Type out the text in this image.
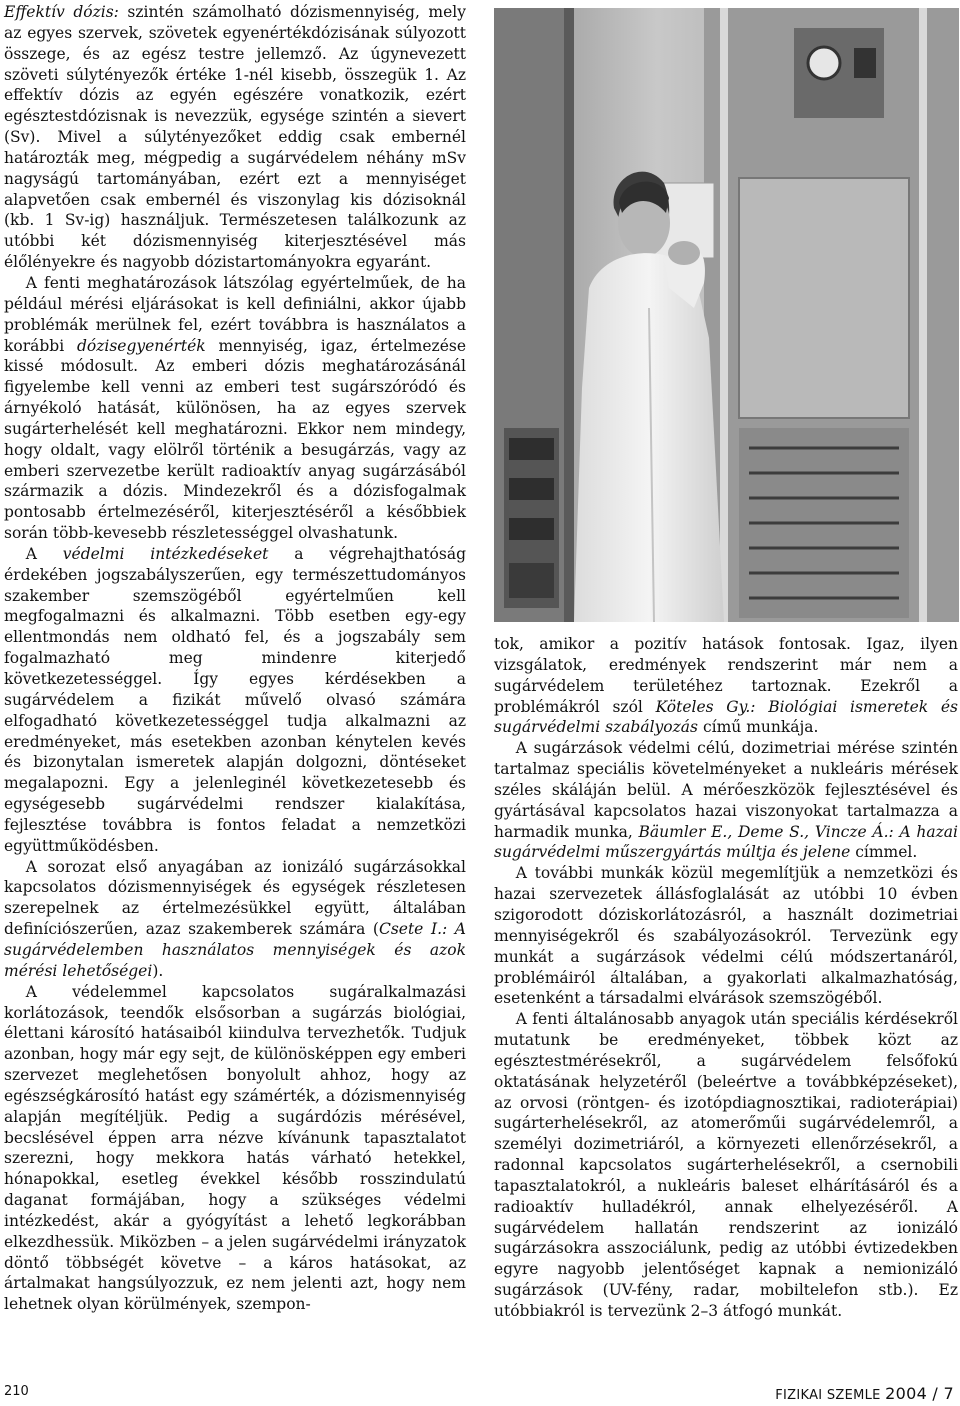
Effektív dózis: szintén számolható dózismennyiség, mely az egyes szervek, szövetek egyenértékdózisának súlyozott összege, és az egész testre jellemző. Az úgynevezett szöveti súlytényezők értéke 1-nél kisebb, összegük 1. Az effektív dózis az egyén egészére vonatkozik, ezért egésztestdózisnak is nevezzük, egysége szintén a sievert (Sv). Mivel a súlytényezőket eddig csak embernél határozták meg, mégpedig a sugárvédelem néhány mSv nagyságú tartományában, ezért ezt a mennyiséget alapvetően csak embernél és viszonylag kis dózisoknál (kb. 1 Sv-ig) használjuk. Természetesen találkozunk az utóbbi két dózismennyiség kiterjesztésével más élőlényekre és nagyobb dózistartományokra egyaránt.

A fenti meghatározások látszólag egyértelműek, de ha például mérési eljárásokat is kell definiálni, akkor újabb problémák merülnek fel, ezért továbbra is használatos a korábbi dózisegyenérték mennyiség, igaz, értelmezése kissé módosult. Az emberi dózis meghatározásánál figyelembe kell venni az emberi test sugárszóródó és árnyékoló hatását, különösen, ha az egyes szervek sugárterhelését kell meghatározni. Ekkor nem mindegy, hogy oldalt, vagy elölről történik a besugárzás, vagy az emberi szervezetbe került radioaktív anyag sugárzásából származik a dózis. Mindezekről és a dózisfogalmak pontosabb értelmezéséről, kiterjesztéséről a későbbiek során több-kevesebb részletességgel olvashatunk.

A védelmi intézkedéseket a végrehajthatóság érdekében jogszabályszerűen, egy természettudományos szakember szemszögéből egyértelműen kell megfogalmazni és alkalmazni. Több esetben egy-egy ellentmondás nem oldható fel, és a jogszabály sem fogalmazható meg mindenre kiterjedő következetességgel. Így egyes kérdésekben a sugárvédelem a fizikát művelő olvasó számára elfogadható következetességgel tudja alkalmazni az eredményeket, más esetekben azonban kénytelen kevés és bizonytalan ismeretek alapján dolgozni, döntéseket megalapozni. Egy a jelenleginél következetesebb és egységesebb sugárvédelmi rendszer kialakítása, fejlesztése továbbra is fontos feladat a nemzetközi együttműködésben.

A sorozat első anyagában az ionizáló sugárzásokkal kapcsolatos dózismennyiségek és egységek részletesen szerepelnek az értelmezésükkel együtt, általában definíciószerűen, azaz szakemberek számára (Csete I.: A sugárvédelemben használatos mennyiségek és azok mérési lehetőségei).

A védelemmel kapcsolatos sugáralkalmazási korlátozások, teendők elsősorban a sugárzás biológiai, élettani károsító hatásaiból kiindulva tervezhetők. Tudjuk azonban, hogy már egy sejt, de különösképpen egy emberi szervezet meglehetősen bonyolult ahhoz, hogy az egészségkárosító hatást egy számérték, a dózismennyiség alapján megítéljük. Pedig a sugárdózis mérésével, becslésével éppen arra nézve kívánunk tapasztalatot szerezni, hogy mekkora hatás várható hetekkel, hónapokkal, esetleg évekkel később rosszindulatú daganat formájában, hogy a szükséges védelmi intézkedést, akár a gyógyítást a lehető legkorábban elkezdhessük. Miközben – a jelen sugárvédelmi irányzatok döntő többségét követve – a káros hatásokat, az ártalmakat hangsúlyozzuk, ez nem jelenti azt, hogy nem lehetnek olyan körülmények, szempon-

tok, amikor a pozitív hatások fontosak. Igaz, ilyen vizsgálatok, eredmények rendszerint már nem a sugárvédelem területéhez tartoznak. Ezekről a problémákról szól Köteles Gy.: Biológiai ismeretek és sugárvédelmi szabályozás című munkája.

A sugárzások védelmi célú, dozimetriai mérése szintén tartalmaz speciális követelményeket a nukleáris mérések széles skáláján belül. A mérőeszközök fejlesztésével és gyártásával kapcsolatos hazai viszonyokat tartalmazza a harmadik munka, Bäumler E., Deme S., Vincze Á.: A hazai sugárvédelmi műszergyártás múltja és jelene címmel.

A további munkák közül megemlítjük a nemzetközi és hazai szervezetek állásfoglalását az utóbbi 10 évben szigorodott dóziskorlátozásról, a használt dozimetriai mennyiségekről és szabályozásokról. Tervezünk egy munkát a sugárzások védelmi célú módszertanáról, problémáiról általában, a gyakorlati alkalmazhatóság, esetenként a társadalmi elvárások szemszögéből.

A fenti általánosabb anyagok után speciális kérdésekről mutatunk be eredményeket, többek közt az egésztestmérésekről, a sugárvédelem felsőfokú oktatásának helyzetéről (beleértve a továbbképzéseket), az orvosi (röntgen- és izotópdiagnosztikai, radioterápiai) sugárterhelésekről, az atomerőműi sugárvédelemről, a személyi dozimetriáról, a környezeti ellenőrzésekről, a radonnal kapcsolatos sugárterhelésekről, a csernobili tapasztalatokról, a nukleáris baleset elhárításáról és a radioaktív hulladékról, annak elhelyezéséről. A sugárvédelem hallatán rendszerint az ionizáló sugárzásokra asszociálunk, pedig az utóbbi évtizedekben egyre nagyobb jelentőséget kapnak a nemionizáló sugárzások (UV-fény, radar, mobiltelefon stb.). Ez utóbbiakról is tervezünk 2–3 átfogó munkát.

210	FIZIKAI SZEMLE 2004 / 7
